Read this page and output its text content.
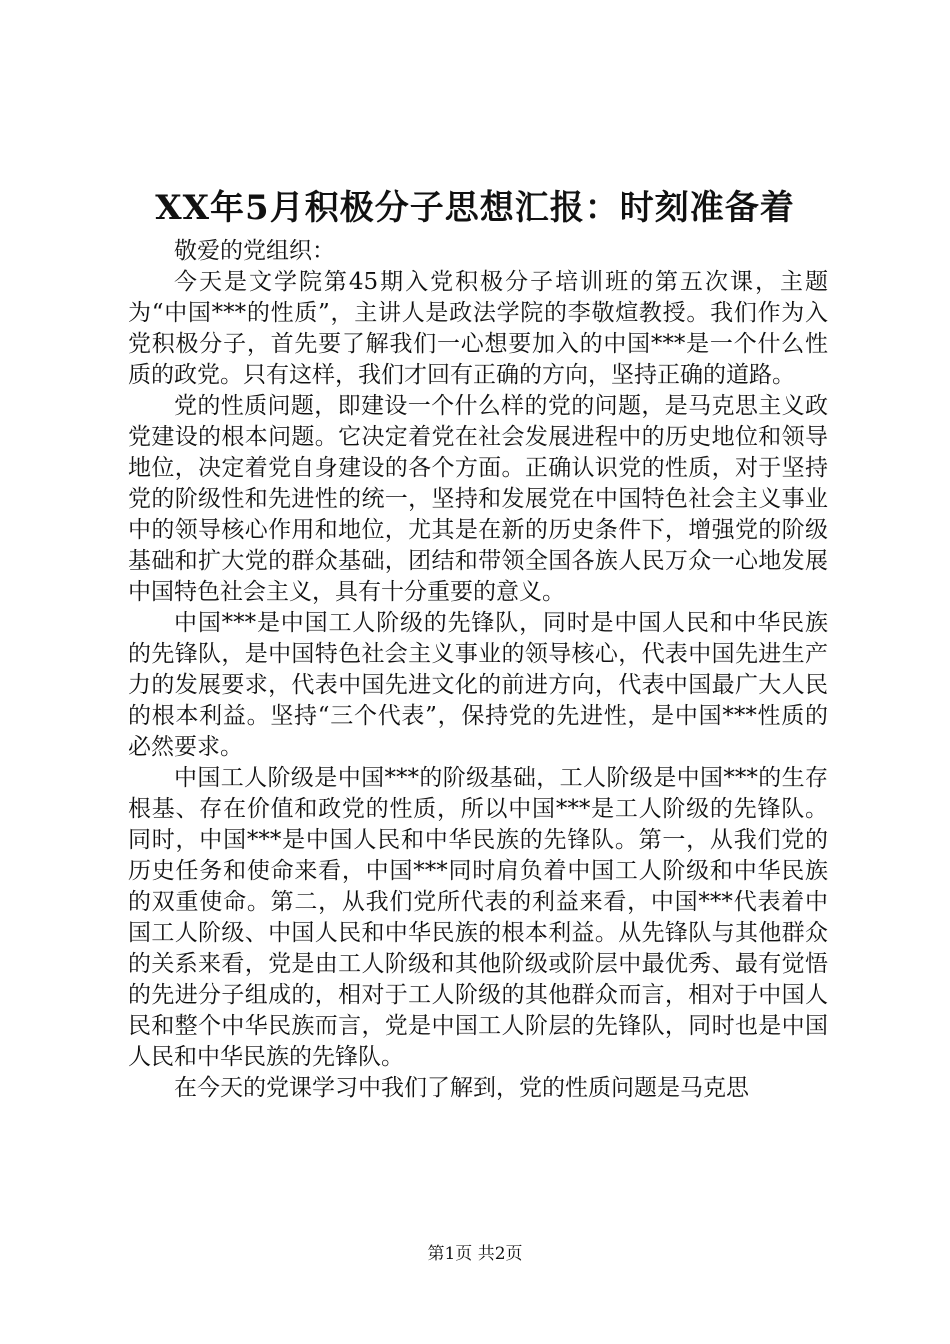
XX年5月积极分子思想汇报：时刻准备着

敬爱的党组织：

今天是文学院第45期入党积极分子培训班的第五次课，主题为“中国***的性质”，主讲人是政法学院的李敬煊教授。我们作为入党积极分子，首先要了解我们一心想要加入的中国***是一个什么性质的政党。只有这样，我们才回有正确的方向，坚持正确的道路。

党的性质问题，即建设一个什么样的党的问题，是马克思主义政党建设的根本问题。它决定着党在社会发展进程中的历史地位和领导地位，决定着党自身建设的各个方面。正确认识党的性质，对于坚持党的阶级性和先进性的统一，坚持和发展党在中国特色社会主义事业中的领导核心作用和地位，尤其是在新的历史条件下，增强党的阶级基础和扩大党的群众基础，团结和带领全国各族人民万众一心地发展中国特色社会主义，具有十分重要的意义。

中国***是中国工人阶级的先锋队，同时是中国人民和中华民族的先锋队，是中国特色社会主义事业的领导核心，代表中国先进生产力的发展要求，代表中国先进文化的前进方向，代表中国最广大人民的根本利益。坚持“三个代表”，保持党的先进性，是中国***性质的必然要求。

中国工人阶级是中国***的阶级基础，工人阶级是中国***的生存根基、存在价值和政党的性质，所以中国***是工人阶级的先锋队。同时，中国***是中国人民和中华民族的先锋队。第一，从我们党的历史任务和使命来看，中国***同时肩负着中国工人阶级和中华民族的双重使命。第二，从我们党所代表的利益来看，中国***代表着中国工人阶级、中国人民和中华民族的根本利益。从先锋队与其他群众的关系来看，党是由工人阶级和其他阶级或阶层中最优秀、最有觉悟的先进分子组成的，相对于工人阶级的其他群众而言，相对于中国人民和整个中华民族而言，党是中国工人阶层的先锋队，同时也是中国人民和中华民族的先锋队。

在今天的党课学习中我们了解到，党的性质问题是马克思

第1页 共2页
